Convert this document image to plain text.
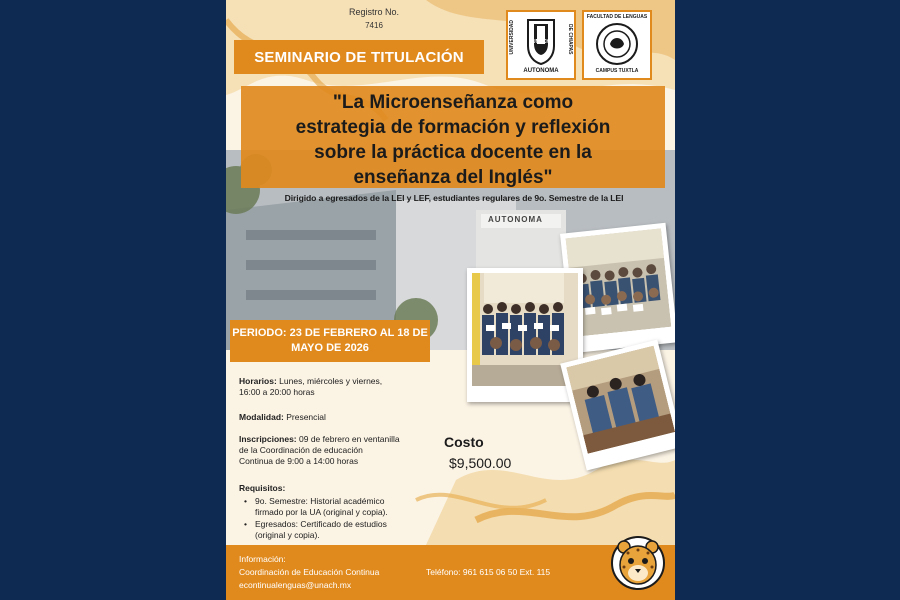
AUTONOMA
Registro No.
7416
SEMINARIO DE TITULACIÓN
UNIVERSIDAD	DE CHIAPAS
UNACH
AUTONOMA
FACULTAD DE LENGUAS
CAMPUS TUXTLA
"La Microenseñanza como
estrategia de formación y reflexión
sobre la práctica docente en la
enseñanza del Inglés"
Dirigido a egresados de la LEI y LEF, estudiantes regulares de 9o. Semestre de la LEI
PERIODO: 23 DE FEBRERO AL 18 DE
MAYO DE 2026
Horarios: Lunes, miércoles y viernes,
16:00 a 20:00 horas
Modalidad: Presencial
Inscripciones: 09 de febrero en ventanilla
de la Coordinación de educación
Continua de 9:00 a 14:00 horas
Requisitos:
• 9o. Semestre: Historial académico
firmado por la UA (original y copia).
• Egresados: Certificado de estudios
(original y copia).
Costo
$9,500.00
Información:
Coordinación de Educación Continua
econtinualenguas@unach.mx
Teléfono: 961 615 06 50 Ext. 115
